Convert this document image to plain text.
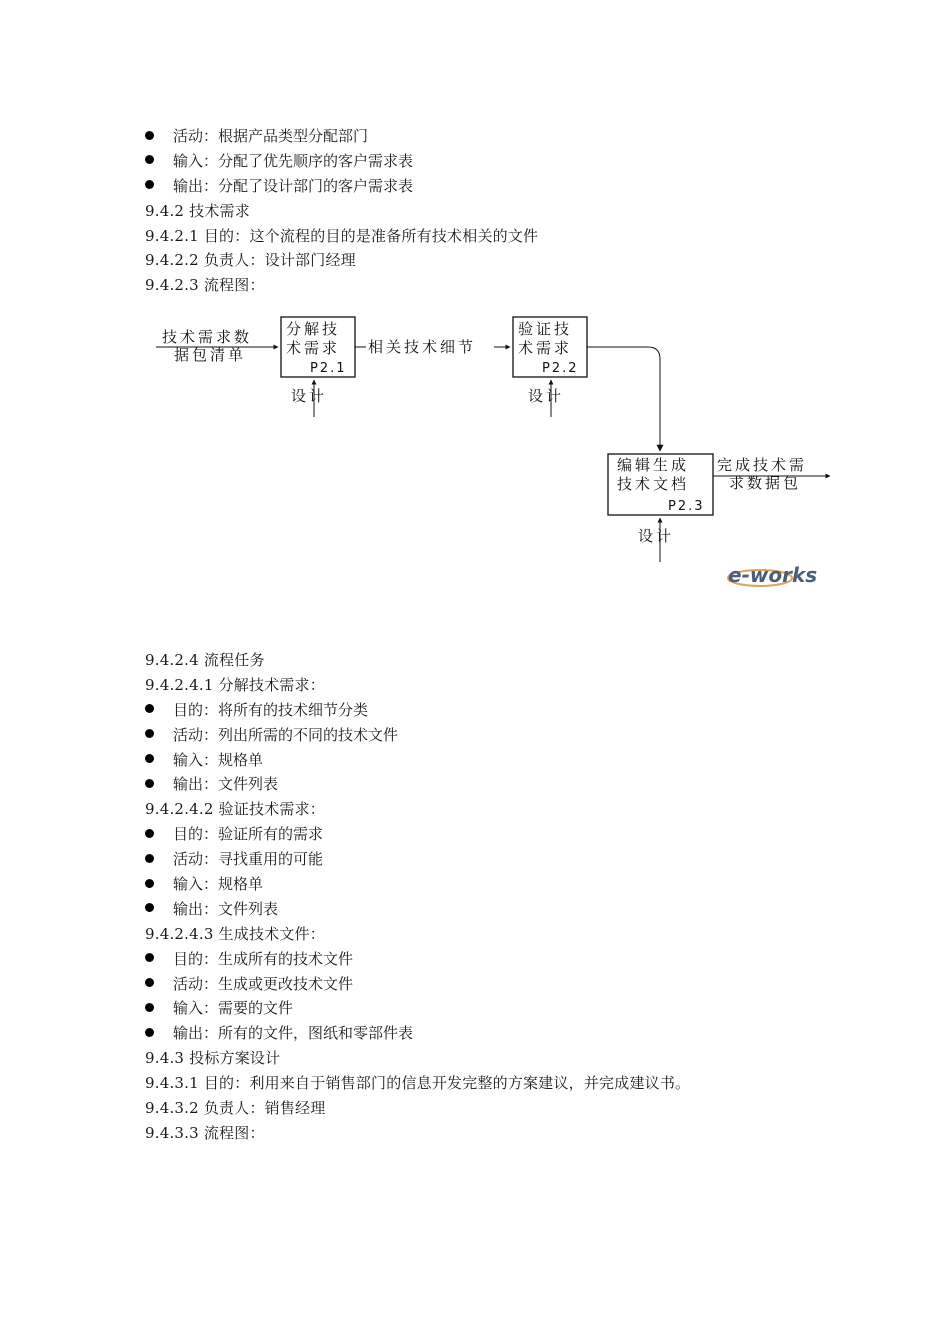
活动：根据产品类型分配部门
输入：分配了优先顺序的客户需求表
输出：分配了设计部门的客户需求表
9.4.2 技术需求
9.4.2.1 目的：这个流程的目的是准备所有技术相关的文件
9.4.2.2 负责人：设计部门经理
9.4.2.3 流程图：
技术需求数
据包清单
分解技
术需求
P2.1
设计
相关技术细节
验证技
术需求
P2.2
设计
编辑生成
技术文档
P2.3
设计
完成技术需
求数据包
e-works
9.4.2.4 流程任务
9.4.2.4.1 分解技术需求：
目的：将所有的技术细节分类
活动：列出所需的不同的技术文件
输入：规格单
输出：文件列表
9.4.2.4.2 验证技术需求：
目的：验证所有的需求
活动：寻找重用的可能
输入：规格单
输出：文件列表
9.4.2.4.3 生成技术文件：
目的：生成所有的技术文件
活动：生成或更改技术文件
输入：需要的文件
输出：所有的文件，图纸和零部件表
9.4.3 投标方案设计
9.4.3.1 目的：利用来自于销售部门的信息开发完整的方案建议，并完成建议书。
9.4.3.2 负责人：销售经理
9.4.3.3 流程图：
